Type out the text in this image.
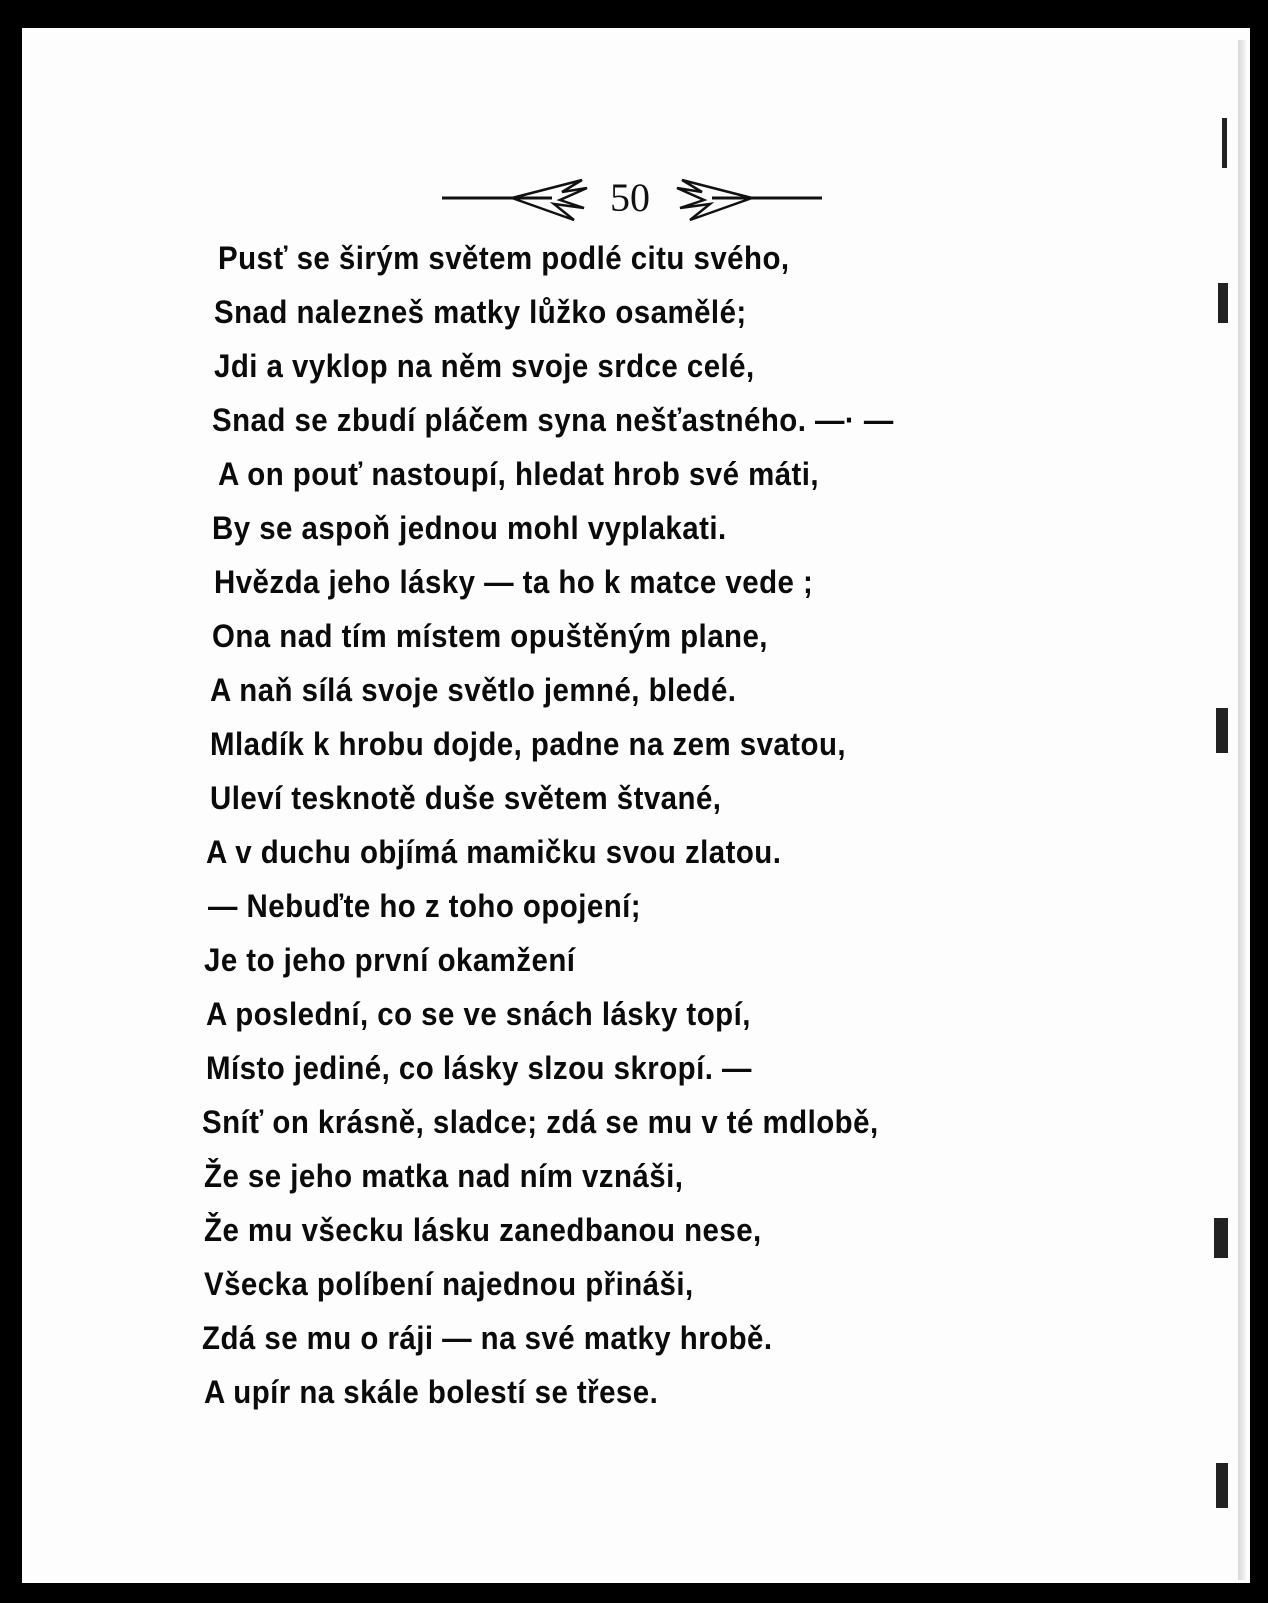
50
Pusť se širým světem podlé citu svého,
Snad nalezneš matky lůžko osamělé;
Jdi a vyklop na něm svoje srdce celé,
Snad se zbudí pláčem syna nešťastného. —· —
A on pouť nastoupí, hledat hrob své máti,
By se aspoň jednou mohl vyplakati.
Hvězda jeho lásky — ta ho k matce vede ;
Ona nad tím místem opuštěným plane,
A naň sílá svoje světlo jemné, bledé.
Mladík k hrobu dojde, padne na zem svatou,
Uleví tesknotě duše světem štvané,
A v duchu objímá mamičku svou zlatou.
— Nebuďte ho z toho opojení;
Je to jeho první okamžení
A poslední, co se ve snách lásky topí,
Místo jediné, co lásky slzou skropí. —
Sníť on krásně, sladce; zdá se mu v té mdlobě,
Že se jeho matka nad ním vznáši,
Že mu všecku lásku zanedbanou nese,
Všecka políbení najednou přináši,
Zdá se mu o ráji — na své matky hrobě.
A upír na skále bolestí se třese.
